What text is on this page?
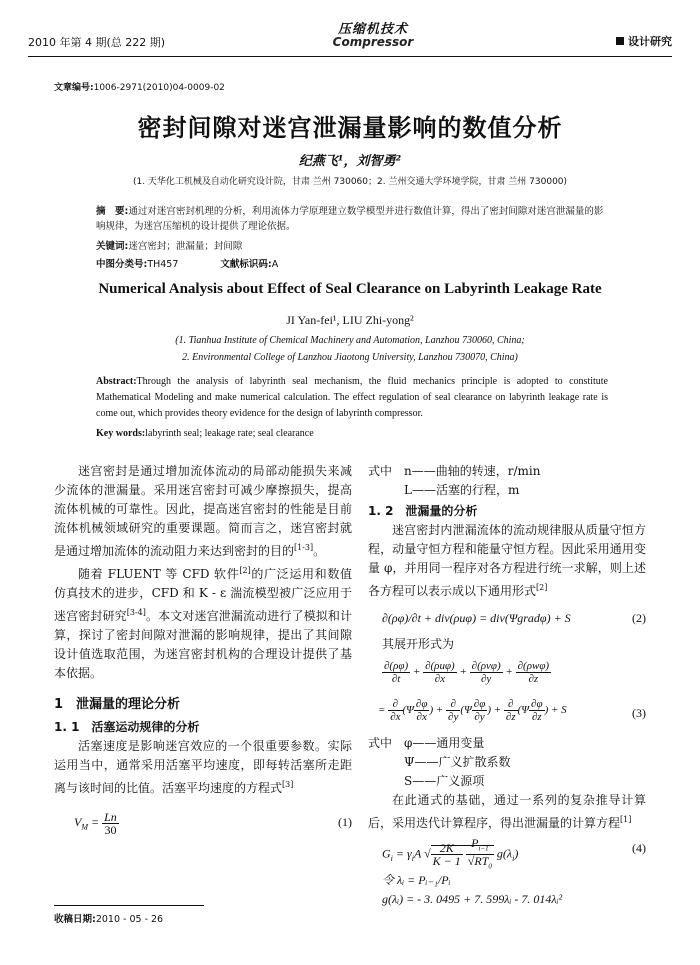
2010 年第 4 期(总 222 期)
压缩机技术
Compressor	设计研究
文章编号:1006-2971(2010)04-0009-02
密封间隙对迷宫泄漏量影响的数值分析
纪燕飞¹，刘智勇²
(1. 天华化工机械及自动化研究设计院，甘肃 兰州 730060；2. 兰州交通大学环境学院，甘肃 兰州 730000)
摘　要:通过对迷宫密封机理的分析，利用流体力学原理建立数学模型并进行数值计算，得出了密封间隙对迷宫泄漏量的影响规律，为迷宫压缩机的设计提供了理论依据。
关键词:迷宫密封；泄漏量；封间隙
中图分类号:TH457	文献标识码:A
Numerical Analysis about Effect of Seal Clearance on Labyrinth Leakage Rate
JI Yan-fei¹, LIU Zhi-yong²
(1. Tianhua Institute of Chemical Machinery and Automation, Lanzhou 730060, China;
2. Environmental College of Lanzhou Jiaotong University, Lanzhou 730070, China)
Abstract:Through the analysis of labyrinth seal mechanism, the fluid mechanics principle is adopted to constitute Mathematical Modeling and make numerical calculation. The effect regulation of seal clearance on labyrinth leakage rate is come out, which provides theory evidence for the design of labyrinth compressor.
Key words:labyrinth seal; leakage rate; seal clearance

迷宫密封是通过增加流体流动的局部动能损失来减少流体的泄漏量。采用迷宫密封可减少摩擦损失，提高流体机械的可靠性。因此，提高迷宫密封的性能是目前流体机械领域研究的重要课题。简而言之，迷宫密封就是通过增加流体的流动阻力来达到密封的目的[1-3]。

随着 FLUENT 等 CFD 软件[2]的广泛运用和数值仿真技术的进步，CFD 和 K - ε 湍流模型被广泛应用于迷宫密封研究[3-4]。本文对迷宫泄漏流动进行了模拟和计算，探讨了密封间隙对泄漏的影响规律，提出了其间隙设计值选取范围，为迷宫密封机构的合理设计提供了基本依据。

1　泄漏量的理论分析
1. 1　活塞运动规律的分析

活塞速度是影响迷宫效应的一个很重要参数。实际运用当中，通常采用活塞平均速度，即每转活塞所走距离与该时间的比值。活塞平均速度的方程式[3]

$V_M = \frac{Ln}{30}$	(1)
式中　 n——曲轴的转速，r/min
L——活塞的行程，m
1. 2　泄漏量的分析

迷宫密封内泄漏流体的流动规律服从质量守恒方程，动量守恒方程和能量守恒方程。因此采用通用变量 φ，并用同一程序对各方程进行统一求解，则上述各方程可以表示成以下通用形式[2]

∂(ρφ)/∂t + div(ρuφ) = div(Ψgradφ) + S	(2)
其展开形式为
$\frac{\partial(\rho\varphi)}{\partial t} + \frac{\text{∂(ρuφ)}}{\partial x} + \frac{\text{∂(ρvφ)}}{\partial y} + \frac{\text{∂(ρwφ)}}{\partial z}$
= $\frac{\partial}{\partial x} (\Psi \frac{\partial\varphi}{\partial x}$ ) + $\frac{\partial}{\partial y} (\Psi \frac{\partial\varphi}{\partial y}$ ) + $\frac{\partial}{\partial z} (\Psi \frac{\partial\varphi}{\partial z}$ ) + S	(3)
式中　 φ——通用变量
Ψ——广义扩散系数
S——广义源项

在此通式的基础，通过一系列的复杂推导计算后，采用迭代计算程序，得出泄漏量的计算方程[1]

$G_i = \gamma_iA$ √ $\frac{2K}{K - 1}$
$\frac{P_{i-1}}{√RT_0} g(\lambda_i)$	(4)
令 λᵢ = Pᵢ₋₁/Pᵢ
g(λᵢ) = - 3. 0495 + 7. 599λᵢ - 7. 014λᵢ²
收稿日期:2010 - 05 - 26
